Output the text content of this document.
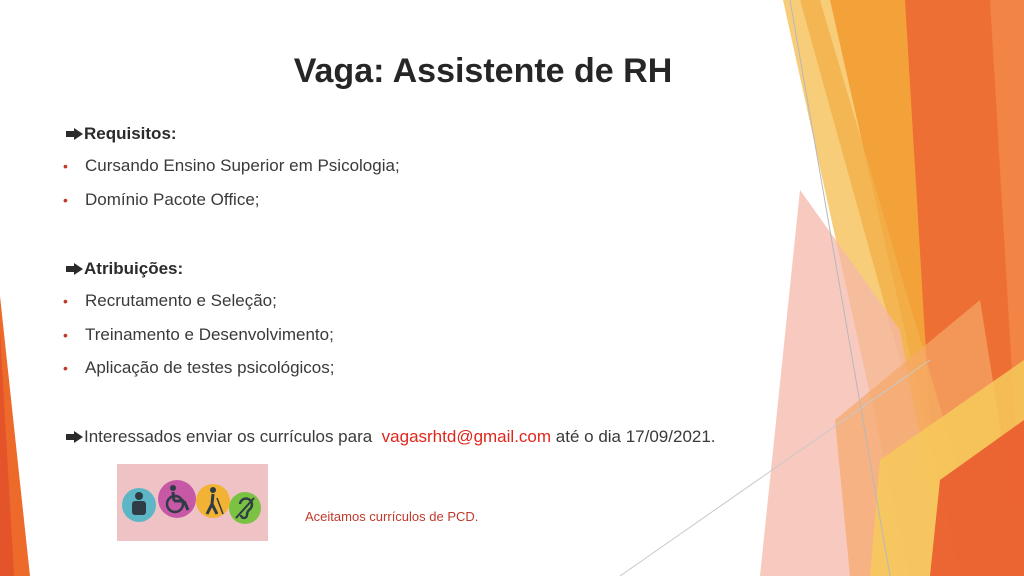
Vaga: Assistente de RH
Requisitos:
• Cursando Ensino Superior em Psicologia;
• Domínio Pacote Office;
Atribuições:
• Recrutamento e Seleção;
• Treinamento e Desenvolvimento;
• Aplicação de testes psicológicos;
Interessados enviar os currículos para vagasrhtd@gmail.com até o dia 17/09/2021.
Aceitamos currículos de PCD.
